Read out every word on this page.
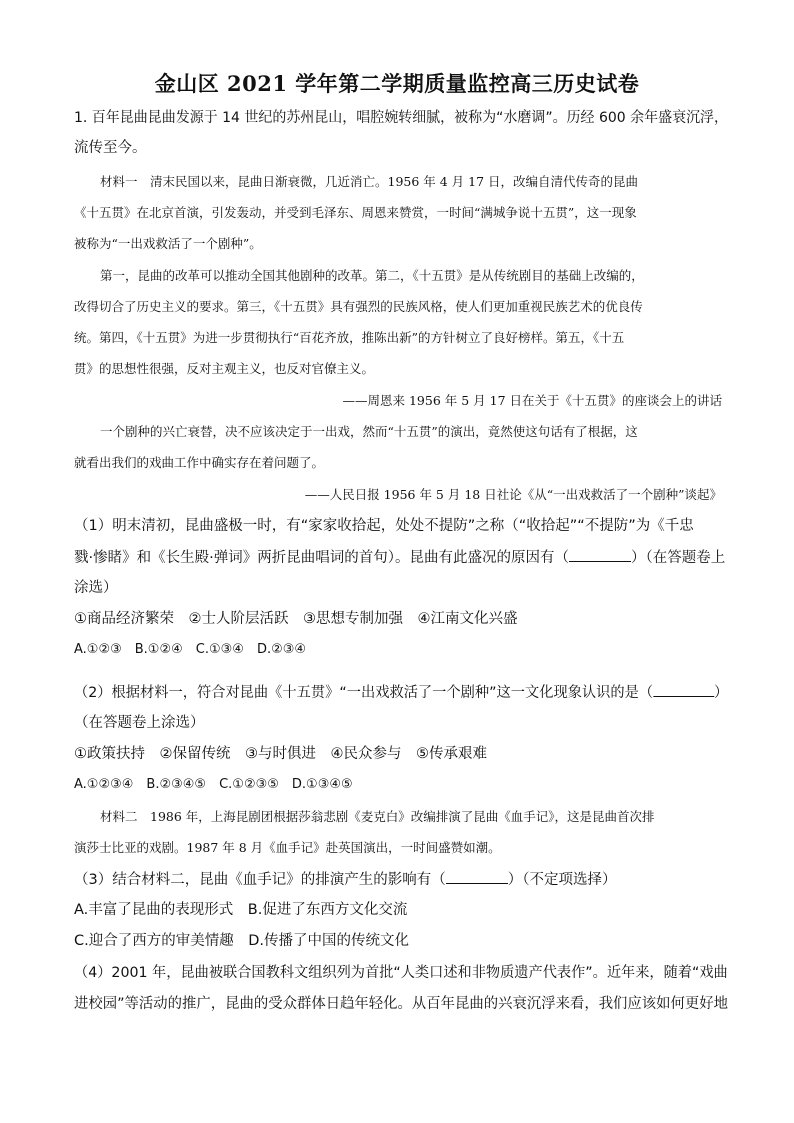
金山区 2021 学年第二学期质量监控高三历史试卷
1. 百年昆曲昆曲发源于 14 世纪的苏州昆山，唱腔婉转细腻，被称为“水磨调”。历经 600 余年盛衰沉浮，
流传至今。
材料一　清末民国以来，昆曲日渐衰微，几近消亡。1956 年 4 月 17 日，改编自清代传奇的昆曲
《十五贯》在北京首演，引发轰动，并受到毛泽东、周恩来赞赏，一时间“满城争说十五贯”，这一现象
被称为“一出戏救活了一个剧种”。
第一，昆曲的改革可以推动全国其他剧种的改革。第二，《十五贯》是从传统剧目的基础上改编的，
改得切合了历史主义的要求。第三，《十五贯》具有强烈的民族风格，使人们更加重视民族艺术的优良传
统。第四，《十五贯》为进一步贯彻执行“百花齐放，推陈出新”的方针树立了良好榜样。第五，《十五
贯》的思想性很强，反对主观主义，也反对官僚主义。
——周恩来 1956 年 5 月 17 日在关于《十五贯》的座谈会上的讲话
一个剧种的兴亡衰替，决不应该决定于一出戏，然而“十五贯”的演出，竟然使这句话有了根据，这
就看出我们的戏曲工作中确实存在着问题了。
——人民日报 1956 年 5 月 18 日社论《从“一出戏救活了一个剧种”谈起》
（1）明末清初，昆曲盛极一时，有“家家收拾起，处处不提防”之称（“收拾起”“不提防”为《千忠
戮·惨睹》和《长生殿·弹词》两折昆曲唱词的首句）。昆曲有此盛况的原因有（	）（在答题卷上
涂选）
①商品经济繁荣　②士人阶层活跃　③思想专制加强　④江南文化兴盛
A.①②③　B.①②④　C.①③④　D.②③④
（2）根据材料一，符合对昆曲《十五贯》“一出戏救活了一个剧种”这一文化现象认识的是（	）
（在答题卷上涂选）
①政策扶持　②保留传统　③与时俱进　④民众参与　⑤传承艰难
A.①②③④　B.②③④⑤　C.①②③⑤　D.①③④⑤
材料二　1986 年，上海昆剧团根据莎翁悲剧《麦克白》改编排演了昆曲《血手记》，这是昆曲首次排
演莎士比亚的戏剧。1987 年 8 月《血手记》赴英国演出，一时间盛赞如潮。
（3）结合材料二，昆曲《血手记》的排演产生的影响有（	）（不定项选择）
A.丰富了昆曲的表现形式　B.促进了东西方文化交流
C.迎合了西方的审美情趣　D.传播了中国的传统文化
（4）2001 年，昆曲被联合国教科文组织列为首批“人类口述和非物质遗产代表作”。近年来，随着“戏曲
进校园”等活动的推广，昆曲的受众群体日趋年轻化。从百年昆曲的兴衰沉浮来看，我们应该如何更好地
